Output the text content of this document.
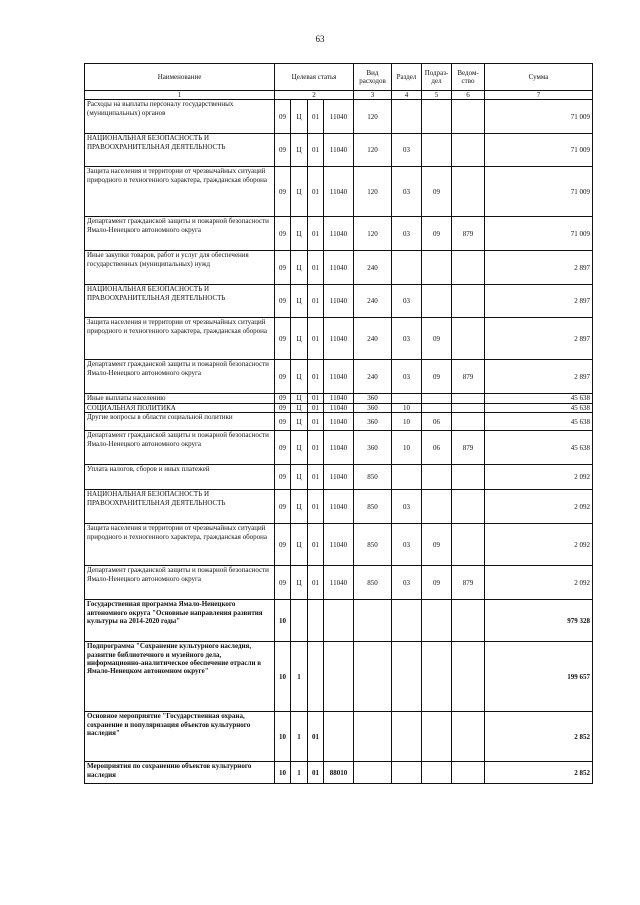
63
Наименование	Целевая статья				Вид расходов	Раздел	Подраз-дел	Ведом-ство	Сумма
1	2				3	4	5	6	7
Расходы на выплаты персоналу государственных (муниципальных) органов	09	Ц	01	11040	120				71 009
НАЦИОНАЛЬНАЯ БЕЗОПАСНОСТЬ И ПРАВООХРАНИТЕЛЬНАЯ ДЕЯТЕЛЬНОСТЬ	09	Ц	01	11040	120	03			71 009
Защита населения и территории от чрезвычайных ситуаций природного и техногенного характера, гражданская оборона	09	Ц	01	11040	120	03	09		71 009
Департамент гражданской защиты и пожарной безопасности Ямало-Ненецкого автономного округа	09	Ц	01	11040	120	03	09	879	71 009
Иные закупки товаров, работ и услуг для обеспечения государственных (муниципальных) нужд	09	Ц	01	11040	240				2 897
НАЦИОНАЛЬНАЯ БЕЗОПАСНОСТЬ И ПРАВООХРАНИТЕЛЬНАЯ ДЕЯТЕЛЬНОСТЬ	09	Ц	01	11040	240	03			2 897
Защита населения и территории от чрезвычайных ситуаций природного и техногенного характера, гражданская оборона	09	Ц	01	11040	240	03	09		2 897
Департамент гражданской защиты и пожарной безопасности Ямало-Ненецкого автономного округа	09	Ц	01	11040	240	03	09	879	2 897
Иные выплаты населению	09	Ц	01	11040	360				45 638
СОЦИАЛЬНАЯ ПОЛИТИКА	09	Ц	01	11040	360	10			45 638
Другие вопросы в области социальной политики	09	Ц	01	11040	360	10	06		45 638
Департамент гражданской защиты и пожарной безопасности Ямало-Ненецкого автономного округа	09	Ц	01	11040	360	10	06	879	45 638
Уплата налогов, сборов и иных платежей	09	Ц	01	11040	850				2 092
НАЦИОНАЛЬНАЯ БЕЗОПАСНОСТЬ И ПРАВООХРАНИТЕЛЬНАЯ ДЕЯТЕЛЬНОСТЬ	09	Ц	01	11040	850	03			2 092
Защита населения и территории от чрезвычайных ситуаций природного и техногенного характера, гражданская оборона	09	Ц	01	11040	850	03	09		2 092
Департамент гражданской защиты и пожарной безопасности Ямало-Ненецкого автономного округа	09	Ц	01	11040	850	03	09	879	2 092
Государственная программа Ямало-Ненецкого автономного округа "Основные направления развития культуры на 2014-2020 годы"	10								979 328
Подпрограмма "Сохранение культурного наследия, развитие библиотечного и музейного дела, информационно-аналитическое обеспечение отрасли в Ямало-Ненецком автономном округе"	10	1							199 657
Основное мероприятие "Государственная охрана, сохранение и популяризация объектов культурного наследия"	10	1	01						2 852
Мероприятия по сохранению объектов культурного наследия	10	1	01	88010					2 852
